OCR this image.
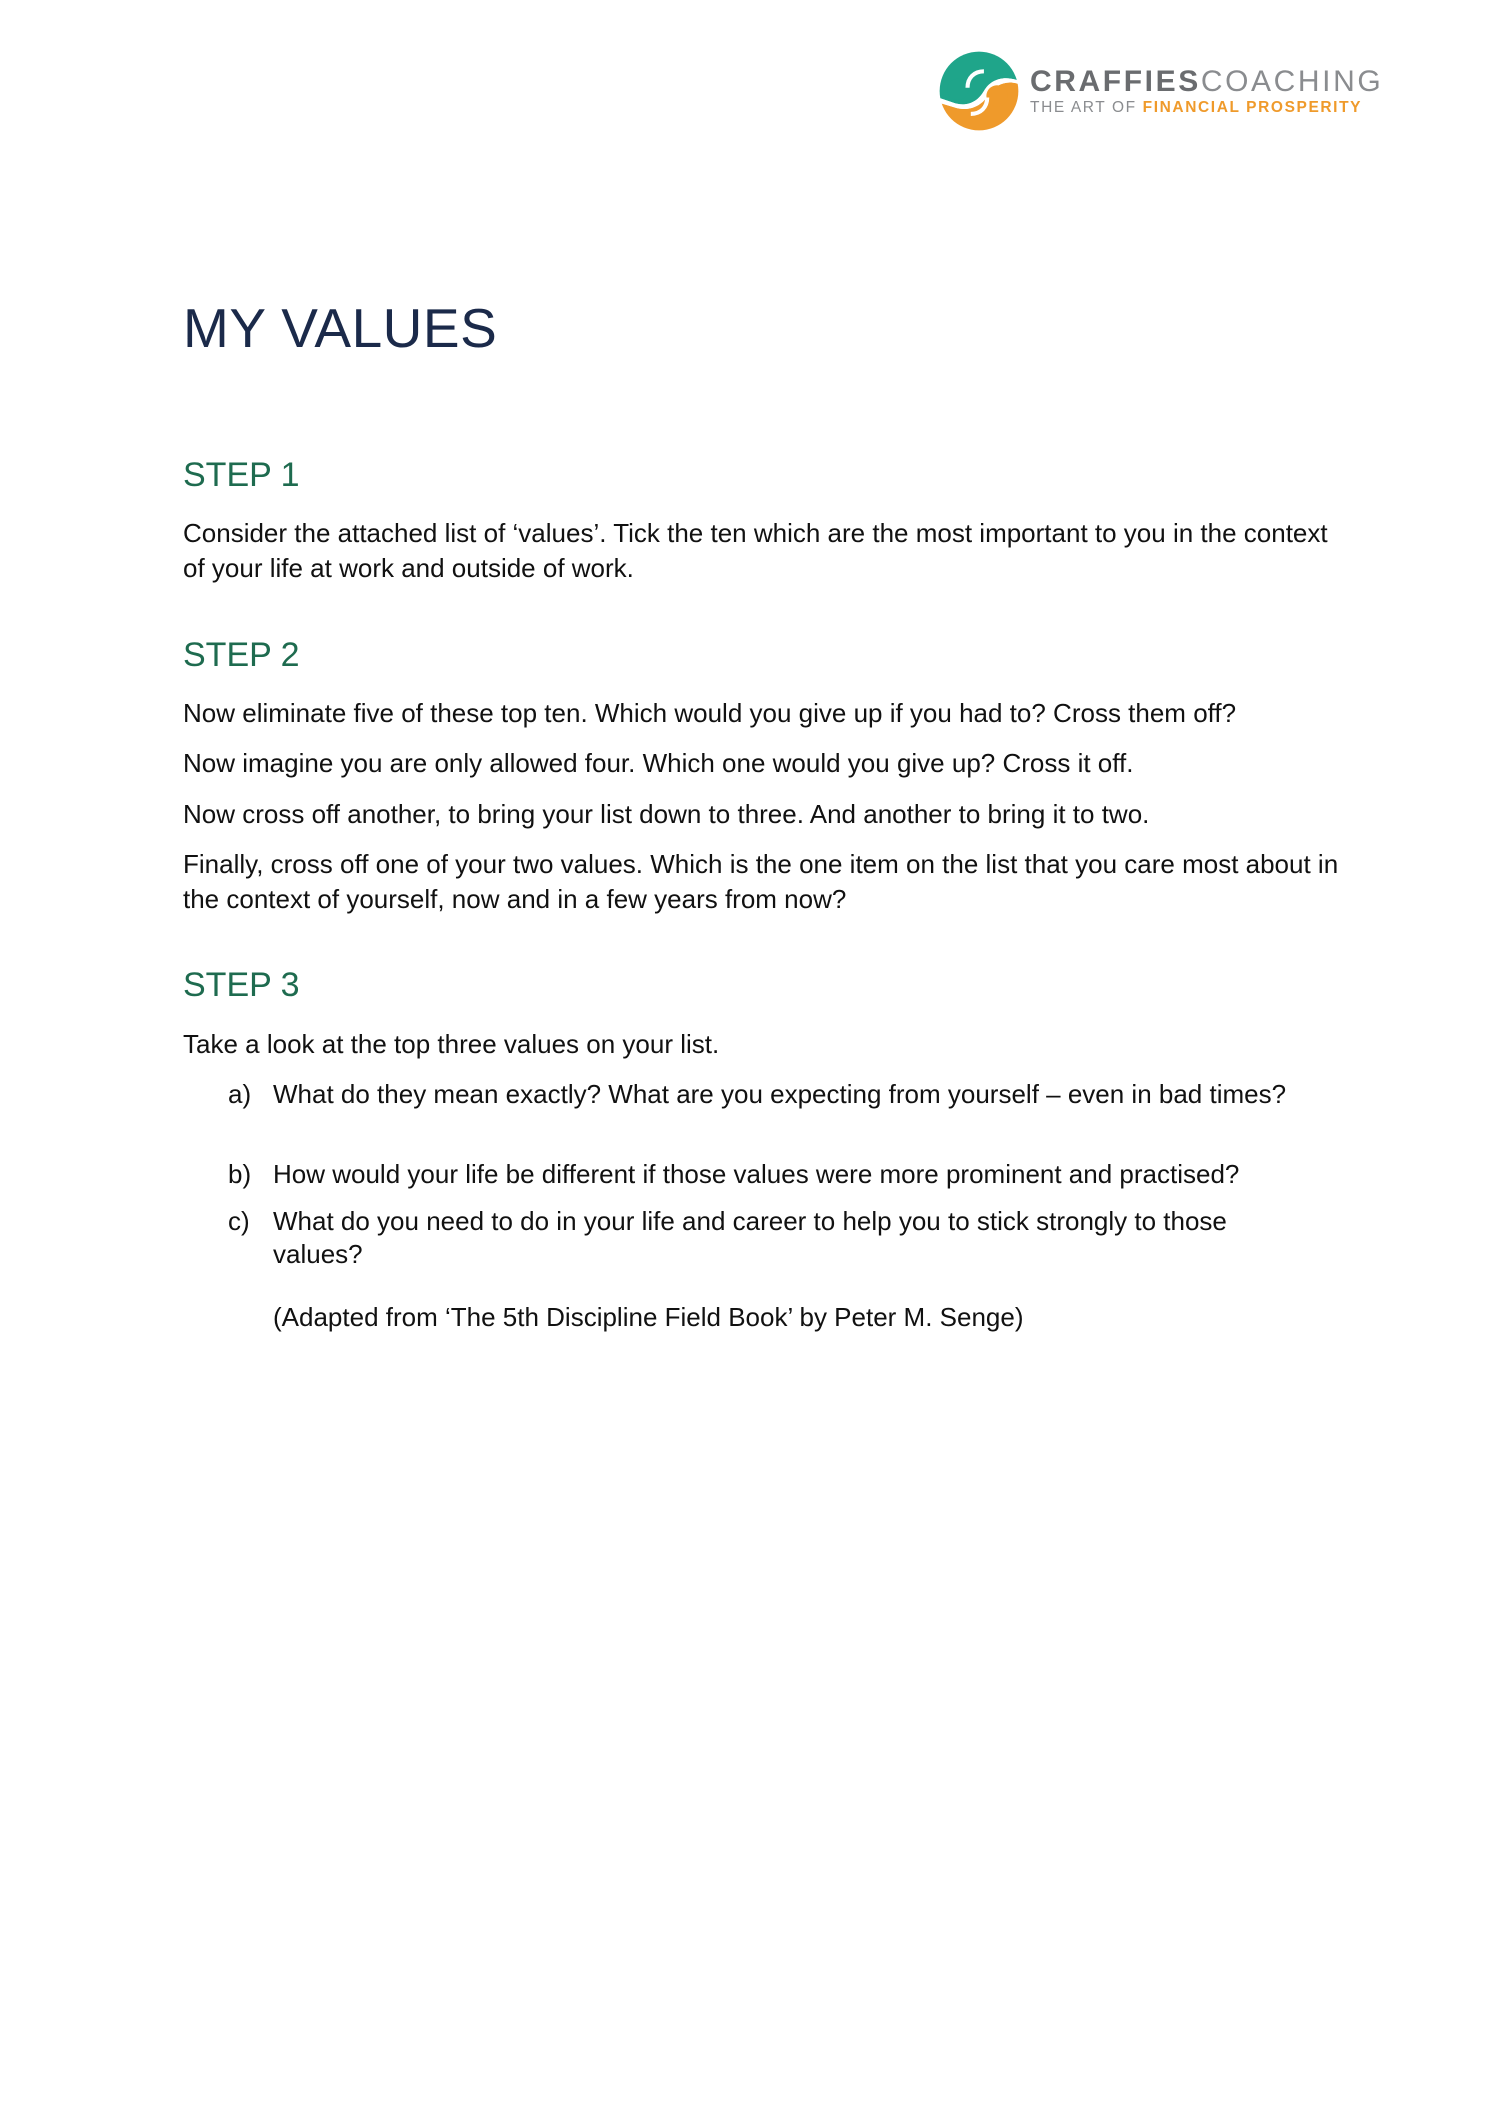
CRAFFIESCOACHING
THE ART OF FINANCIAL PROSPERITY
MY VALUES
STEP 1

Consider the attached list of ‘values’. Tick the ten which are the most important to you in the context of your life at work and outside of work.

STEP 2

Now eliminate five of these top ten. Which would you give up if you had to? Cross them off?

Now imagine you are only allowed four. Which one would you give up? Cross it off.

Now cross off another, to bring your list down to three. And another to bring it to two.

Finally, cross off one of your two values. Which is the one item on the list that you care most about in the context of yourself, now and in a few years from now?

STEP 3

Take a look at the top three values on your list.

a) What do they mean exactly? What are you expecting from yourself – even in bad times?
b) How would your life be different if those values were more prominent and practised?
c) What do you need to do in your life and career to help you to stick strongly to those values?

(Adapted from ‘The 5th Discipline Field Book’ by Peter M. Senge)
